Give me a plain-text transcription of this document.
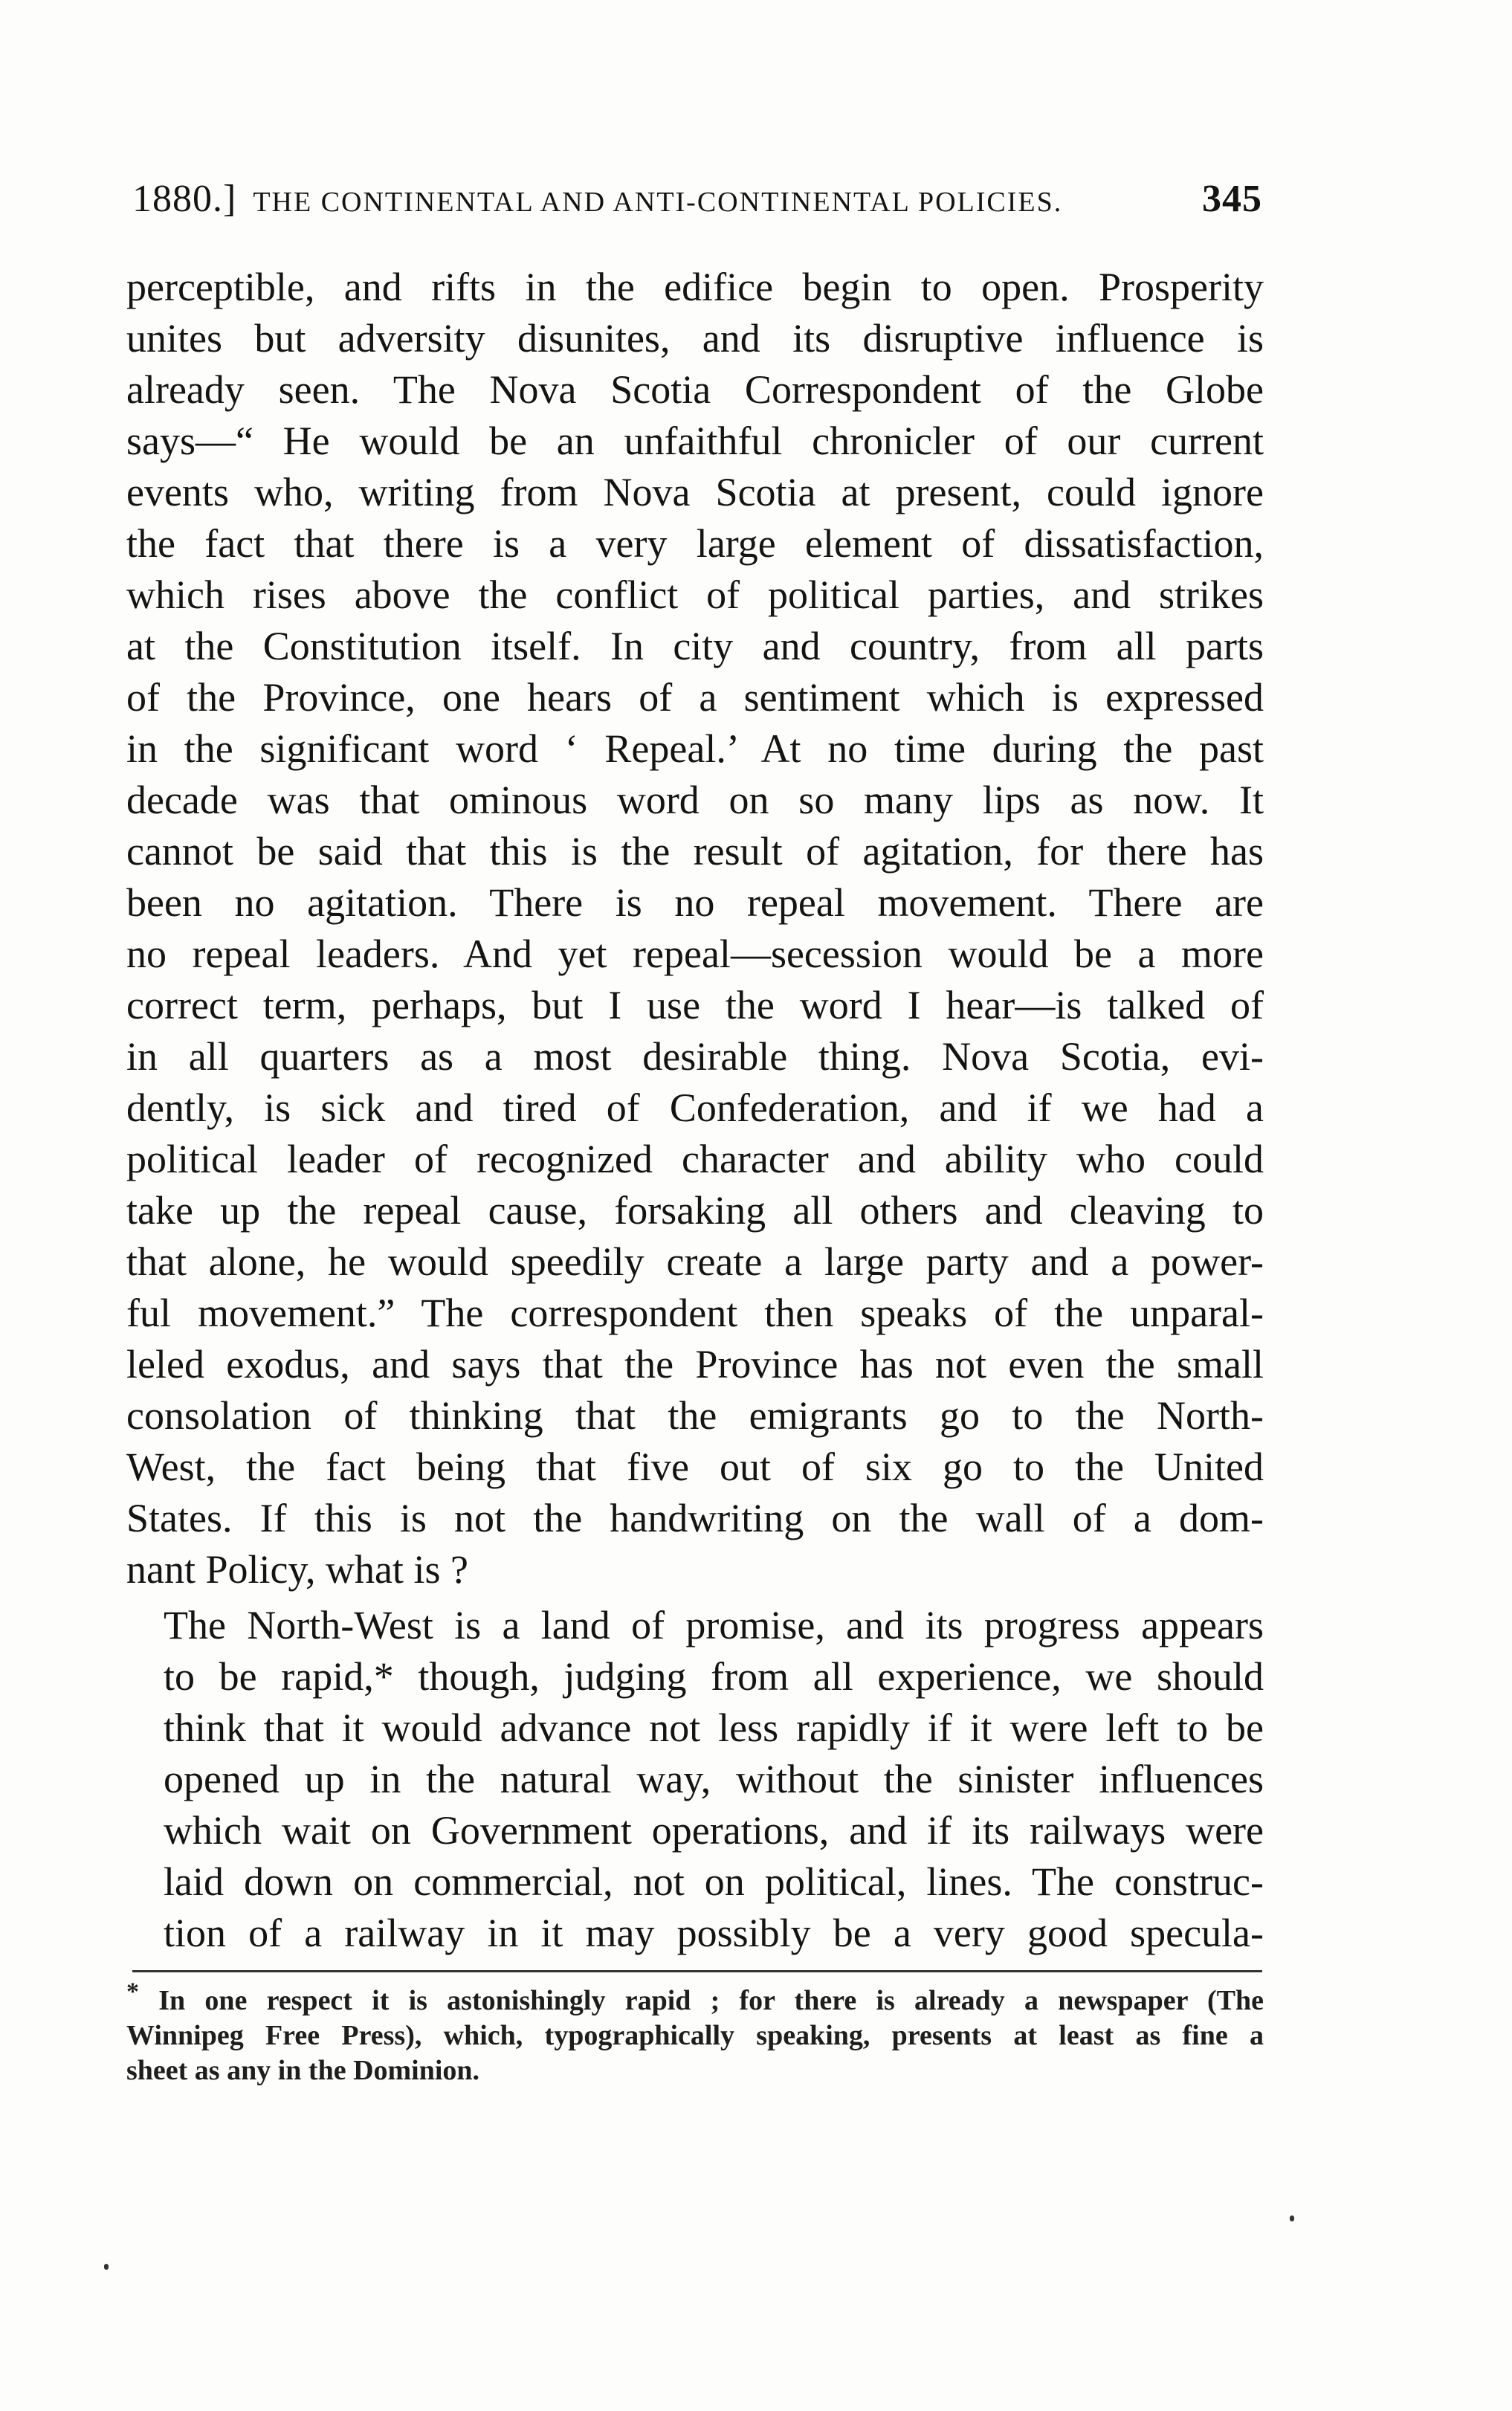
1880.] THE CONTINENTAL AND ANTI-CONTINENTAL POLICIES.	345

perceptible, and rifts in the edifice begin to open. Prosperity
unites but adversity disunites, and its disruptive influence is
already seen. The Nova Scotia Correspondent of the Globe
says—“ He would be an unfaithful chronicler of our current
events who, writing from Nova Scotia at present, could ignore
the fact that there is a very large element of dissatisfaction,
which rises above the conflict of political parties, and strikes
at the Constitution itself. In city and country, from all parts
of the Province, one hears of a sentiment which is expressed
in the significant word ‘ Repeal.’ At no time during the past
decade was that ominous word on so many lips as now. It
cannot be said that this is the result of agitation, for there has
been no agitation. There is no repeal movement. There are
no repeal leaders. And yet repeal—secession would be a more
correct term, perhaps, but I use the word I hear—is talked of
in all quarters as a most desirable thing. Nova Scotia, evi-
dently, is sick and tired of Confederation, and if we had a
political leader of recognized character and ability who could
take up the repeal cause, forsaking all others and cleaving to
that alone, he would speedily create a large party and a power-
ful movement.” The correspondent then speaks of the unparal-
leled exodus, and says that the Province has not even the small
consolation of thinking that the emigrants go to the North-
West, the fact being that five out of six go to the United
States. If this is not the handwriting on the wall of a dom-
nant Policy, what is ?

The North-West is a land of promise, and its progress appears
to be rapid,* though, judging from all experience, we should
think that it would advance not less rapidly if it were left to be
opened up in the natural way, without the sinister influences
which wait on Government operations, and if its railways were
laid down on commercial, not on political, lines. The construc-
tion of a railway in it may possibly be a very good specula-

* In one respect it is astonishingly rapid ; for there is already a newspaper (The
Winnipeg Free Press), which, typographically speaking, presents at least as fine a
sheet as any in the Dominion.
